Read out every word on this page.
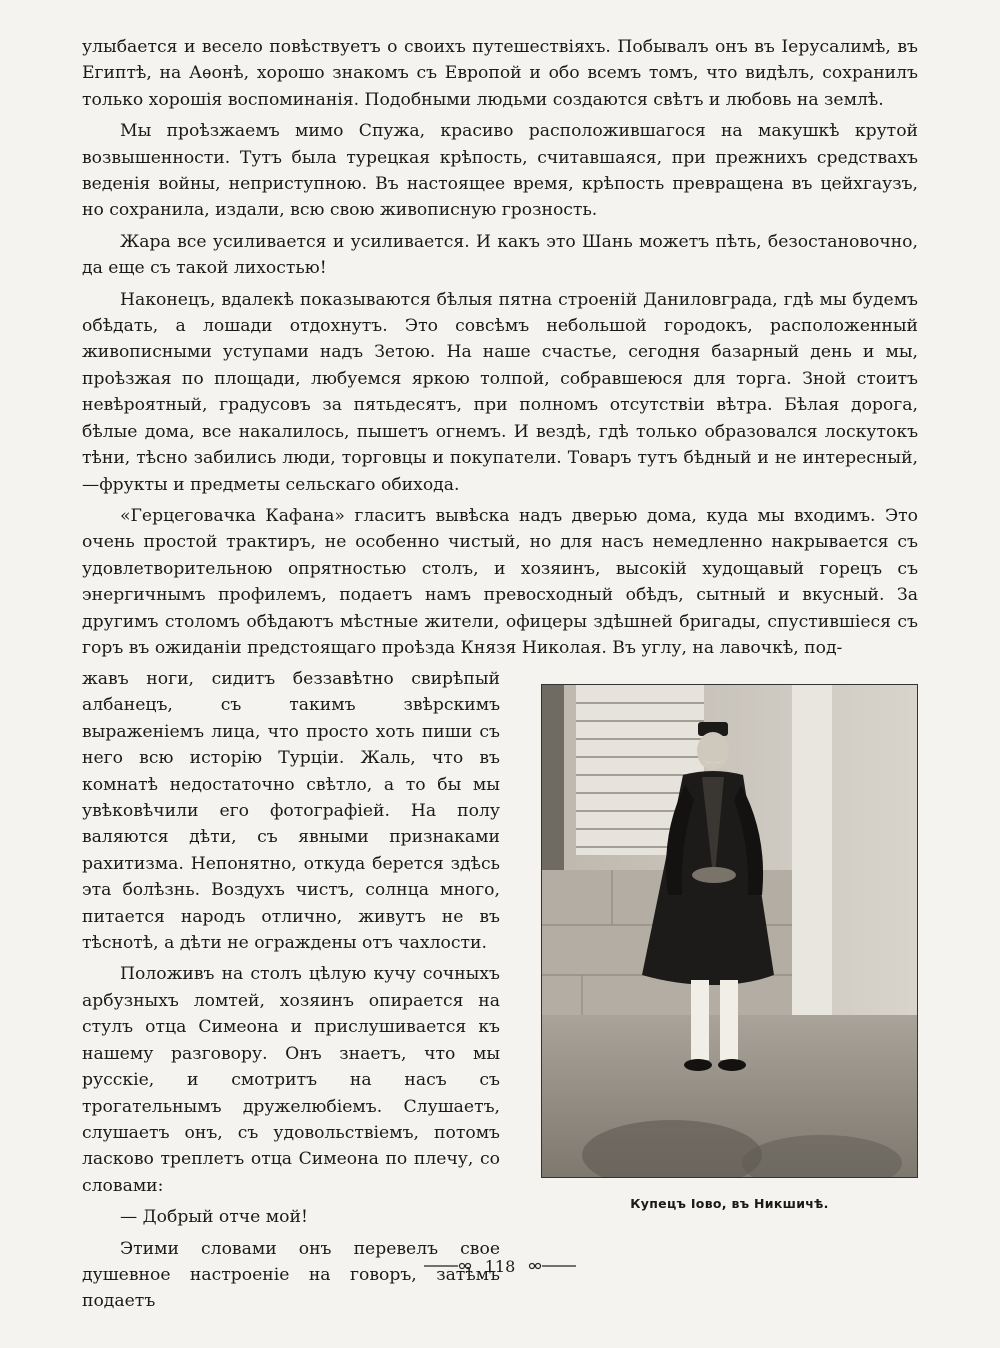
улыбается и весело повѣствуетъ о своихъ путешествіяхъ. Побывалъ онъ въ Іерусалимѣ, въ Египтѣ, на Аѳонѣ, хорошо знакомъ съ Европой и обо всемъ томъ, что видѣлъ, сохранилъ только хорошія воспоминанія. Подобными людьми создаются свѣтъ и любовь на землѣ.

Мы проѣзжаемъ мимо Спужа, красиво расположившагося на макушкѣ крутой возвышенности. Тутъ была турецкая крѣпость, считавшаяся, при прежнихъ средствахъ веденія войны, неприступною. Въ настоящее время, крѣпость превращена въ цейхгаузъ, но сохранила, издали, всю свою живописную грозность.

Жара все усиливается и усиливается. И какъ это Шань можетъ пѣть, безостановочно, да еще съ такой лихостью!

Наконецъ, вдалекѣ показываются бѣлыя пятна строеній Даниловграда, гдѣ мы будемъ обѣдать, а лошади отдохнутъ. Это совсѣмъ небольшой городокъ, расположенный живописными уступами надъ Зетою. На наше счастье, сегодня базарный день и мы, проѣзжая по площади, любуемся яркою толпой, собравшеюся для торга. Зной стоитъ невѣроятный, градусовъ за пятьдесятъ, при полномъ отсутствіи вѣтра. Бѣлая дорога, бѣлые дома, все накалилось, пышетъ огнемъ. И вездѣ, гдѣ только образовался лоскутокъ тѣни, тѣсно забились люди, торговцы и покупатели. Товаръ тутъ бѣдный и не интересный,—фрукты и предметы сельскаго обихода.

«Герцеговачка Кафана» гласитъ вывѣска надъ дверью дома, куда мы входимъ. Это очень простой трактиръ, не особенно чистый, но для насъ немедленно накрывается съ удовлетворительною опрятностью столъ, и хозяинъ, высокій худощавый горецъ съ энергичнымъ профилемъ, подаетъ намъ превосходный обѣдъ, сытный и вкусный. За другимъ столомъ обѣдаютъ мѣстные жители, офицеры здѣшней бригады, спустившіеся съ горъ въ ожиданіи предстоящаго проѣзда Князя Николая. Въ углу, на лавочкѣ, под-

жавъ ноги, сидитъ беззавѣтно свирѣпый албанецъ, съ такимъ звѣрскимъ выраженіемъ лица, что просто хоть пиши съ него всю исторію Турціи. Жаль, что въ комнатѣ недостаточно свѣтло, а то бы мы увѣковѣчили его фотографіей. На полу валяются дѣти, съ явными признаками рахитизма. Непонятно, откуда берется здѣсь эта болѣзнь. Воздухъ чистъ, солнца много, питается народъ отлично, живутъ не въ тѣснотѣ, а дѣти не ограждены отъ чахлости.

Положивъ на столъ цѣлую кучу сочныхъ арбузныхъ ломтей, хозяинъ опирается на стулъ отца Симеона и прислушивается къ нашему разговору. Онъ знаетъ, что мы русскіе, и смотритъ на насъ съ трогательнымъ дружелюбіемъ. Слушаетъ, слушаетъ онъ, съ удовольствіемъ, потомъ ласково треплетъ отца Симеона по плечу, со словами:

— Добрый отче мой!

Этими словами онъ перевелъ свое душевное настроеніе на говоръ, затѣмъ подаетъ

Купецъ Іово, въ Никшичѣ.
118
